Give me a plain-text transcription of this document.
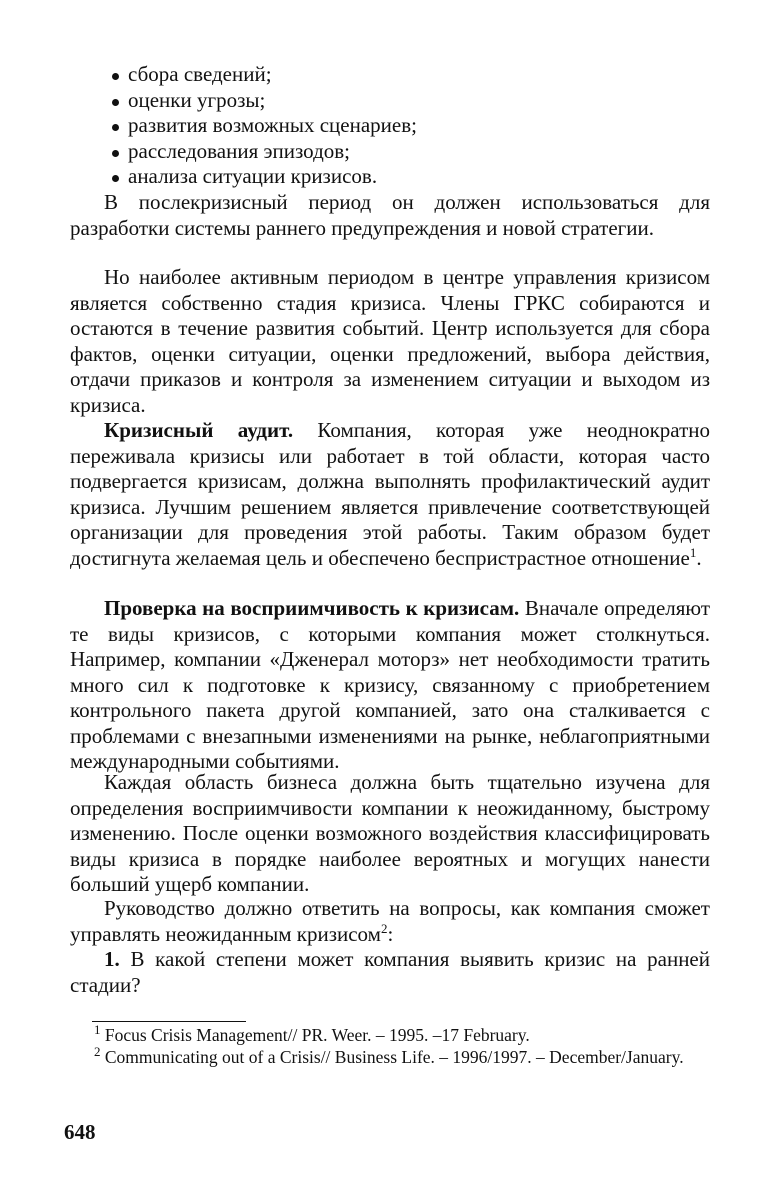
сбора сведений;
оценки угрозы;
развития возможных сценариев;
расследования эпизодов;
анализа ситуации кризисов.

В послекризисный период он должен использоваться для разработки системы раннего предупреждения и новой стратегии.

Но наиболее активным периодом в центре управления кризисом является собственно стадия кризиса. Члены ГРКС собираются и остаются в течение развития событий. Центр используется для сбора фактов, оценки ситуации, оценки предложений, выбора действия, отдачи приказов и контроля за изменением ситуации и выходом из кризиса.

Кризисный аудит. Компания, которая уже неоднократно переживала кризисы или работает в той области, которая часто подвергается кризисам, должна выполнять профилактический аудит кризиса. Лучшим решением является привлечение соответствующей организации для проведения этой работы. Таким образом будет достигнута желаемая цель и обеспечено беспристрастное отношение$^1$.

Проверка на восприимчивость к кризисам. Вначале определяют те виды кризисов, с которыми компания может столкнуться. Например, компании «Дженерал моторз» нет необходимости тратить много сил к подготовке к кризису, связанному с приобретением контрольного пакета другой компанией, зато она сталкивается с проблемами с внезапными изменениями на рынке, неблагоприятными международными событиями.

Каждая область бизнеса должна быть тщательно изучена для определения восприимчивости компании к неожиданному, быстрому изменению. После оценки возможного воздействия классифицировать виды кризиса в порядке наиболее вероятных и могущих нанести больший ущерб компании.

Руководство должно ответить на вопросы, как компания сможет управлять неожиданным кризисом$^2$:

1. В какой степени может компания выявить кризис на ранней стадии?

$^1$ Focus Crisis Management// PR. Weer. – 1995. –17 February.

$^2$ Communicating out of a Crisis// Business Life. – 1996/1997. – December/January.

648
